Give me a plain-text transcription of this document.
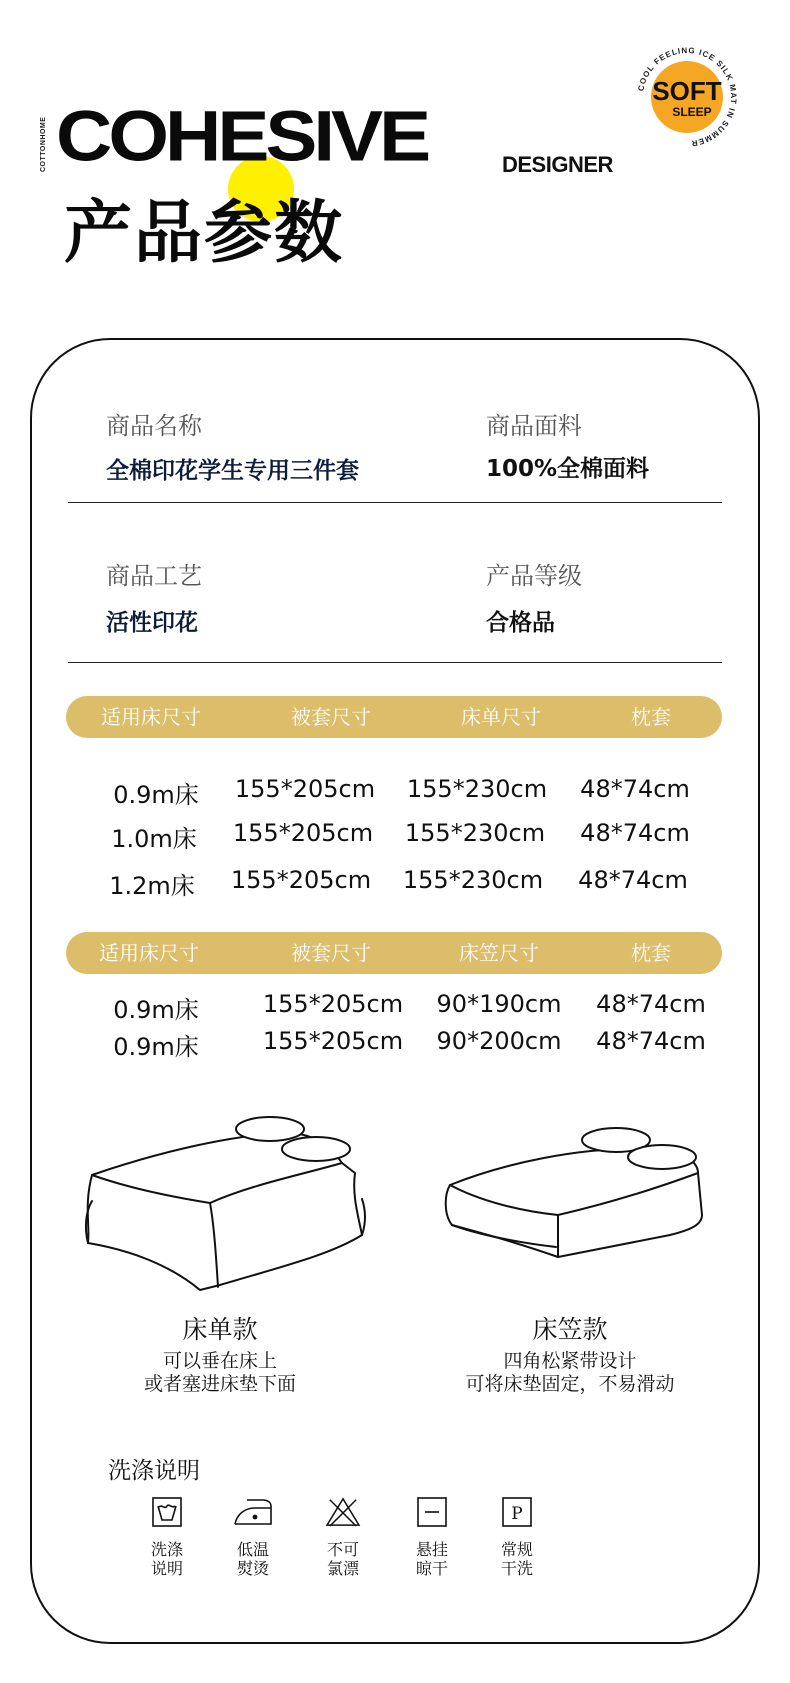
COTTONHOME COHESIVE	DESIGNER
产品参数
COOL FEELING ICE SILK MAT IN SUMMER
SOFT
SLEEP
商品名称
全棉印花学生专用三件套
商品面料
100%全棉面料
商品工艺
活性印花
产品等级
合格品
适用床尺寸	被套尺寸	床单尺寸	枕套
0.9m床	155*205cm 155*230cm	48*74cm
1.0m床	155*205cm 155*230cm	48*74cm
1.2m床	155*205cm 155*230cm	48*74cm
适用床尺寸	被套尺寸	床笠尺寸	枕套
0.9m床	155*205cm	90*190cm	48*74cm
0.9m床	155*205cm	90*200cm	48*74cm
床单款
可以垂在床上
或者塞进床垫下面
床笠款
四角松紧带设计
可将床垫固定，不易滑动
洗涤说明
洗涤
说明
低温
熨烫
不可
氯漂
悬挂
晾干
P
常规
干洗
